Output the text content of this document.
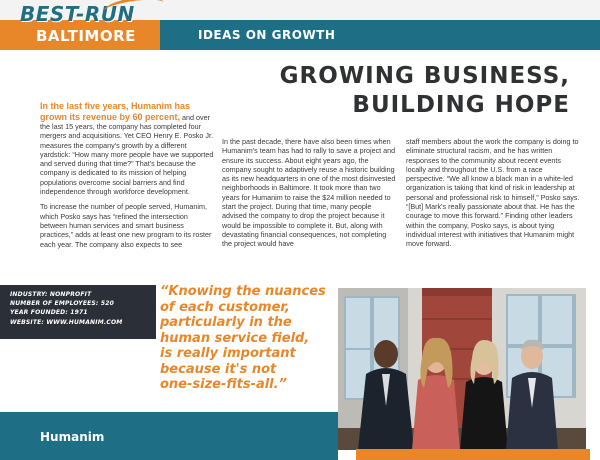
BEST-RUN
BALTIMORE	IDEAS ON GROWTH
GROWING BUSINESS,
BUILDING HOPE

In the last five years, Humanim has grown its revenue by 60 percent, and over the last 15 years, the company has completed four mergers and acquisitions. Yet CEO Henry E. Posko Jr. measures the company's growth by a different yardstick: “How many more people have we supported and served during that time?” That's because the company is dedicated to its mission of helping populations overcome social barriers and find independence through workforce development.

To increase the number of people served, Humanim, which Posko says has “refined the intersection between human services and smart business practices,” adds at least one new program to its roster each year. The company also expects to see

In the past decade, there have also been times when Humanim's team has had to rally to save a project and ensure its success. About eight years ago, the company sought to adaptively reuse a historic building as its new headquarters in one of the most disinvested neighborhoods in Baltimore. It took more than two years for Humanim to raise the $24 million needed to start the project. During that time, many people advised the company to drop the project because it would be impossible to complete it. But, along with devastating financial consequences, not completing the project would have

staff members about the work the company is doing to eliminate structural racism, and he has written responses to the community about recent events locally and throughout the U.S. from a race perspective. “We all know a black man in a white-led organization is taking that kind of risk in leadership at personal and professional risk to himself,” Posko says. “[But] Mark's really passionate about that. He has the courage to move this forward.” Finding other leaders within the company, Posko says, is about tying individual interest with initiatives that Humanim might move forward.

INDUSTRY: NONPROFIT
NUMBER OF EMPLOYEES: 520
YEAR FOUNDED: 1971
WEBSITE: WWW.HUMANIM.COM
“Knowing the nuances
of each customer,
particularly in the
human service field,
is really important
because it's not
one-size-fits-all.”
Humanim
